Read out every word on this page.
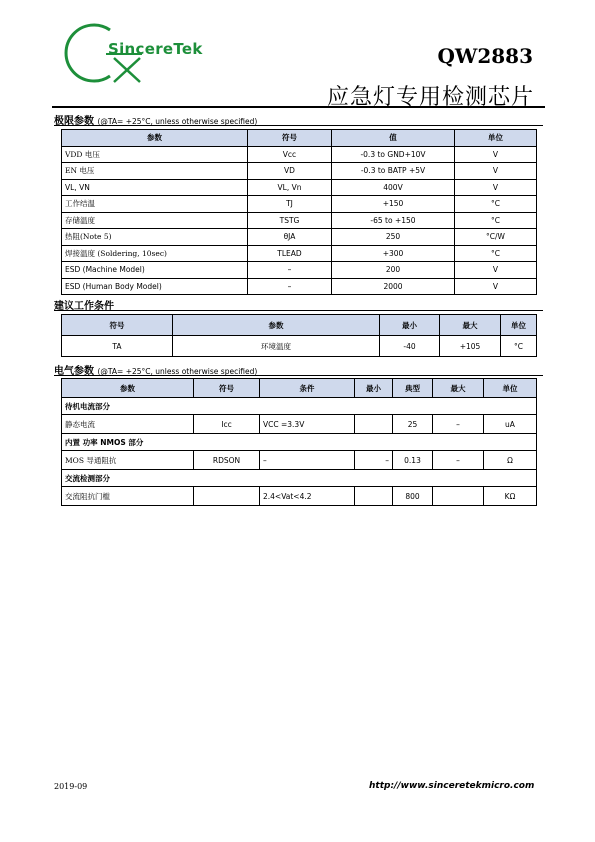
SincereTek	QW2883
应急灯专用检测芯片
极限参数 (@TA= +25°C, unless otherwise specified)
参数	符号	值	单位
VDD 电压	Vcc	-0.3 to GND+10V	V
EN 电压	VD	-0.3 to BATP +5V	V
VL, VN	VL, Vn	400V	V
工作结温	TJ	+150	°C
存储温度	TSTG	-65 to +150	°C
热阻(Note 5)	θJA	250	°C/W
焊接温度 (Soldering, 10sec)	TLEAD	+300	°C
ESD (Machine Model)	–	200	V
ESD (Human Body Model)	–	2000	V
建议工作条件
符号	参数	最小	最大	单位
TA	环境温度	-40	+105	°C
电气参数 (@TA= +25°C, unless otherwise specified)
参数	符号	条件	最小	典型	最大	单位
待机电流部分						
静态电流	Icc	VCC =3.3V		25	–	uA
内置 功率 NMOS 部分						
MOS 导通阻抗	RDSON	–	–	0.13	–	Ω
交流检测部分						
交流阻抗门槛		2.4<Vat<4.2		800		KΩ
2019-09	http://www.sinceretekmicro.com
